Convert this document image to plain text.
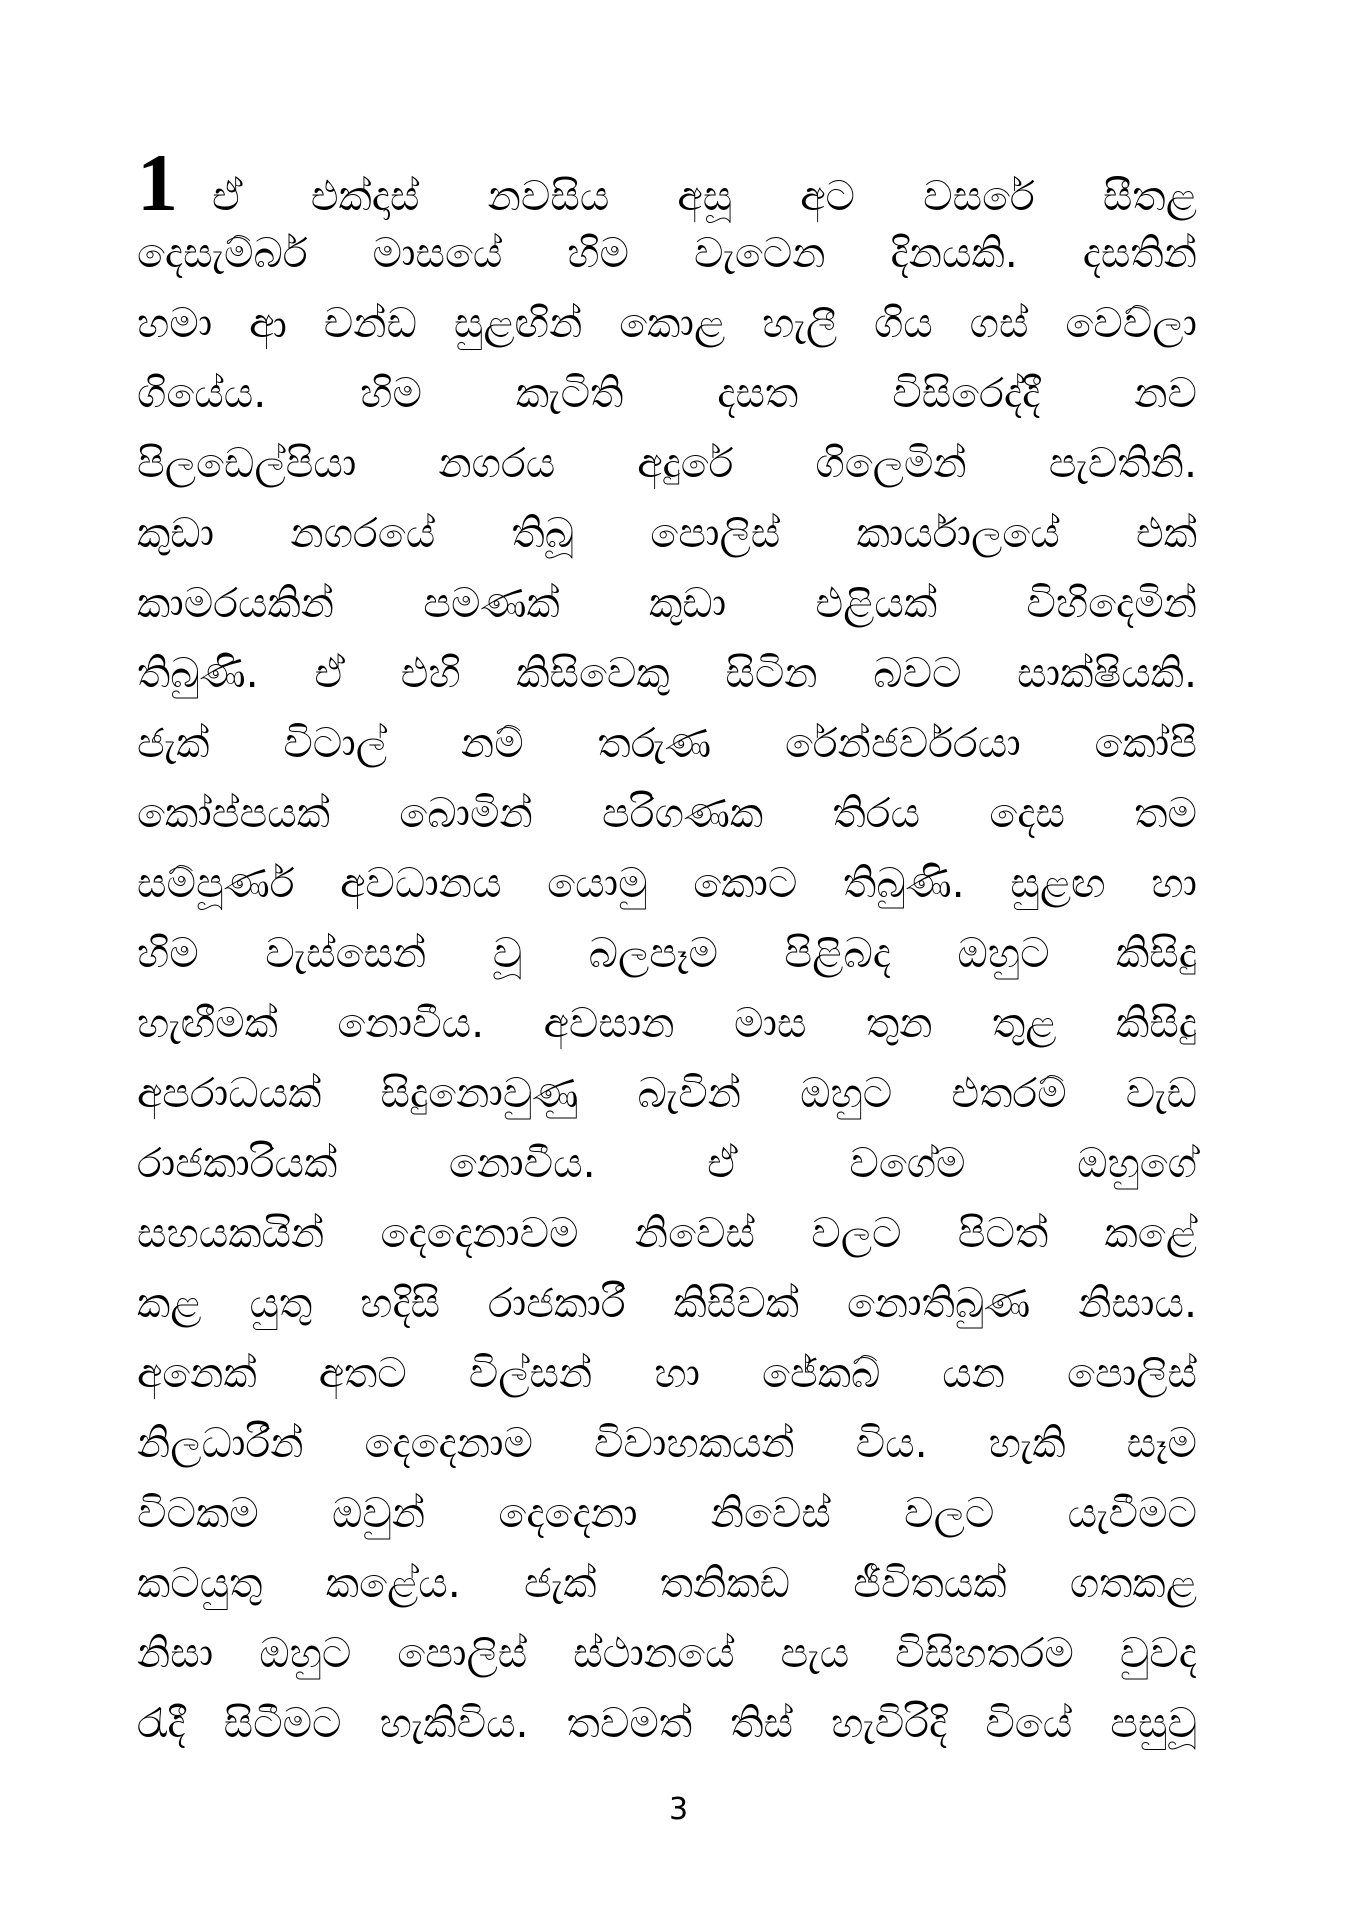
1 ඒ එක්දාස් නවසිය අසූ අට වසරේ සීතළ
දෙසැම්බර් මාසයේ හිම වැටෙන දිනයකි. දසතින්
හමා ආ චන්ඩ සුළඟින් කොළ හැලී ගිය ගස් වෙව්ලා
ගියේය. හිම කැටිති දසත විසිරෙද්දී නව
පිලඩෙල්පියා නගරය අදුරේ ගිලෙමින් පැවතිනි.
කුඩා නගරයේ තිබූ පොලිස් කාර්යාලයේ එක්
කාමරයකින් පමණක් කුඩා එළියක් විහිදෙමින්
තිබුණි. ඒ එහි කිසිවෙකු සිටින බවට සාක්ෂියකි.
ජැක් විටාල් නම් තරුණ රේන්ජර්වරයා කෝපි
කෝප්පයක් බොමින් පරිගණක තිරය දෙස තම
සම්පූර්ණ අවධානය යොමු කොට තිබුණි. සුළඟ හා
හිම වැස්සෙන් වූ බලපෑම පිළිබද ඔහුට කිසිදු
හැඟීමක් නොවීය. අවසාන මාස තුන තුළ කිසිදු
අපරාධයක් සිදුනොවුණු බැවින් ඔහුට එතරම් වැඩ
රාජකාරියක් නොවීය. ඒ වගේම ඔහුගේ
සහයකයින් දෙදෙනාවම නිවෙස් වලට පිටත් කළේ
කළ යුතු හදිසි රාජකාරී කිසිවක් නොතිබුණ නිසාය.
අනෙක් අතට විල්සන් හා ජේකබ් යන පොලිස්
නිලධාරීන් දෙදෙනාම විවාහකයන් විය. හැකි සෑම
විටකම ඔවුන් දෙදෙනා නිවෙස් වලට යැවීමට
කටයුතු කළේය. ජැක් තනිකඩ ජීවිතයක් ගතකළ
නිසා ඔහුට පොලිස් ස්ථානයේ පැය විසිහතරම වුවද
රැදී සිටීමට හැකිවිය. තවමත් තිස් හැවිරිදි වියේ පසුවූ
3
